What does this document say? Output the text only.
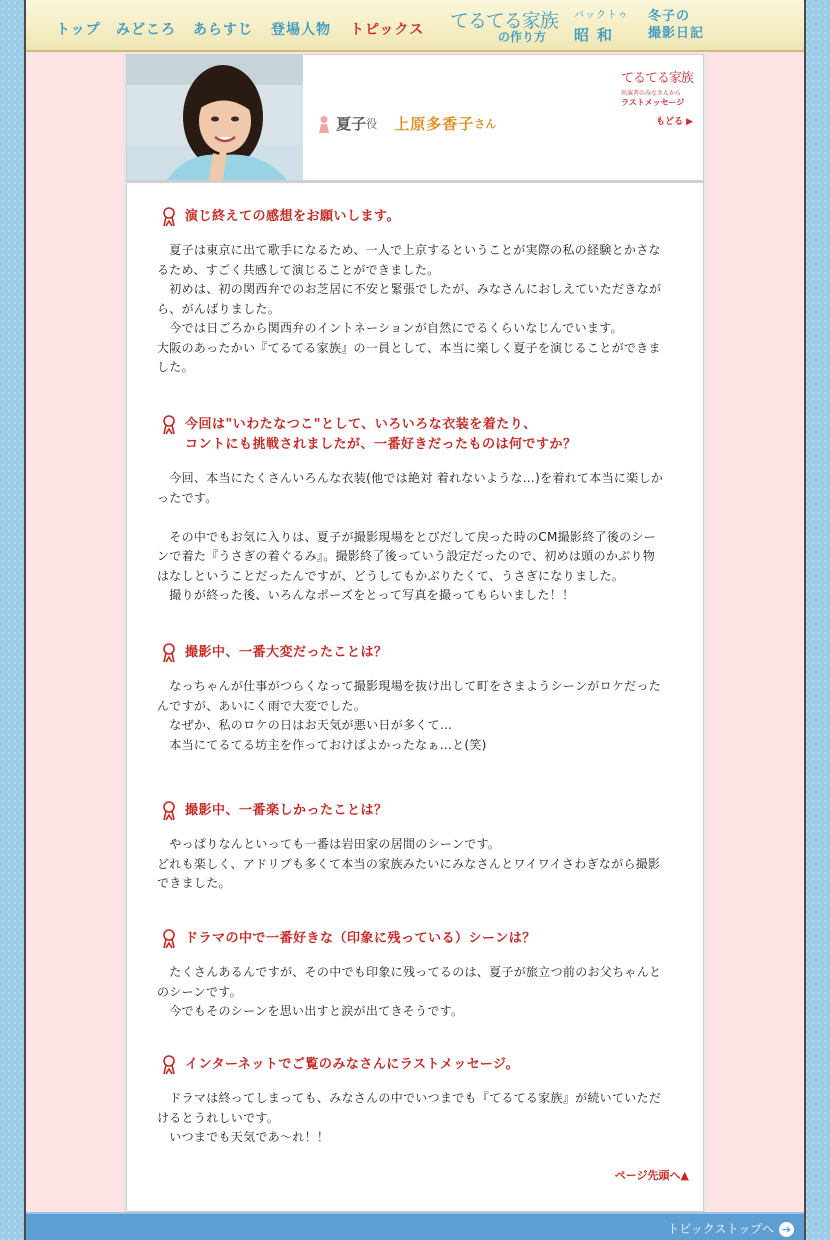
トップ みどころ あらすじ 登場人物 トピックス てるてる家族
の作り方
バックトゥ
昭和
冬子の
撮影日記
夏子役 上原多香子さん
てるてる家族
出演者のみなさんから
ラストメッセージ
もどる ▶
演じ終えての感想をお願いします。

　夏子は東京に出て歌手になるため、一人で上京するということが実際の私の経験とかさなるため、すごく共感して演じることができました。

　初めは、初の関西弁でのお芝居に不安と緊張でしたが、みなさんにおしえていただきながら、がんばりました。

　今では日ごろから関西弁のイントネーションが自然にでるくらいなじんでいます。

大阪のあったかい『てるてる家族』の一員として、本当に楽しく夏子を演じることができました。

今回は"いわたなつこ"として、いろいろな衣装を着たり、
コントにも挑戦されましたが、一番好きだったものは何ですか？

　今回、本当にたくさんいろんな衣装(他では絶対 着れないような…)を着れて本当に楽しかったです。

　その中でもお気に入りは、夏子が撮影現場をとびだして戻った時のCM撮影終了後のシーンで着た『うさぎの着ぐるみ』。撮影終了後っていう設定だったので、初めは頭のかぶり物はなしということだったんですが、どうしてもかぶりたくて、うさぎになりました。

　撮りが終った後、いろんなポーズをとって写真を撮ってもらいました！！

撮影中、一番大変だったことは？

　なっちゃんが仕事がつらくなって撮影現場を抜け出して町をさまようシーンがロケだったんですが、あいにく雨で大変でした。

　なぜか、私のロケの日はお天気が悪い日が多くて…

　本当にてるてる坊主を作っておけばよかったなぁ…と(笑)

撮影中、一番楽しかったことは？

　やっぱりなんといっても一番は岩田家の居間のシーンです。

どれも楽しく、アドリブも多くて本当の家族みたいにみなさんとワイワイさわぎながら撮影できました。

ドラマの中で一番好きな（印象に残っている）シーンは？

　たくさんあるんですが、その中でも印象に残ってるのは、夏子が旅立つ前のお父ちゃんとのシーンです。

　今でもそのシーンを思い出すと涙が出てきそうです。

インターネットでご覧のみなさんにラストメッセージ。

　ドラマは終ってしまっても、みなさんの中でいつまでも『てるてる家族』が続いていただけるとうれしいです。

　いつまでも天気であ〜れ！！

ページ先頭へ▲
トピックストップへ ➔
